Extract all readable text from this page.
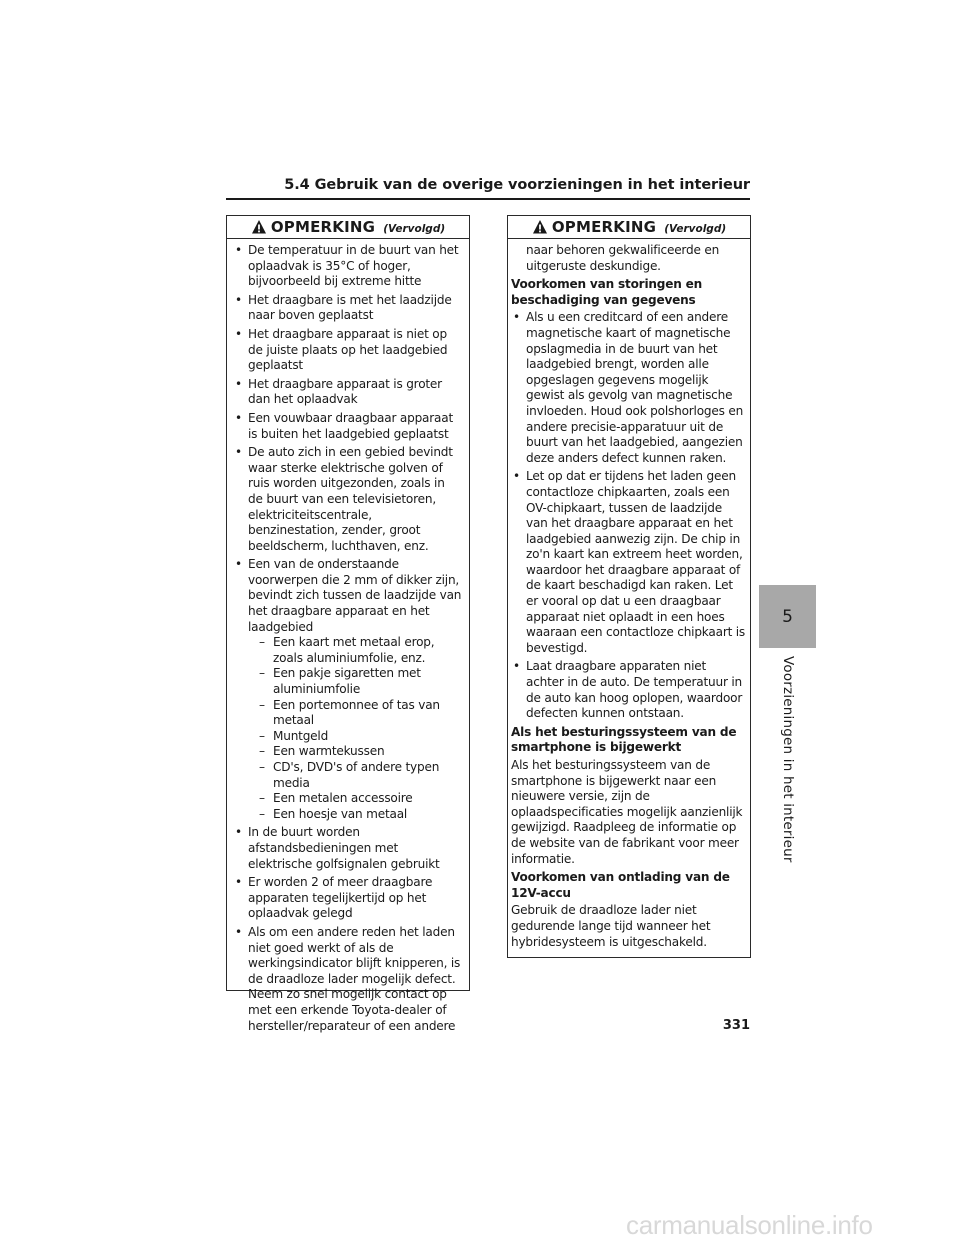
5.4 Gebruik van de overige voorzieningen in het interieur
OPMERKING (Vervolgd)
• De temperatuur in de buurt van het oplaadvak is 35°C of hoger, bijvoorbeeld bij extreme hitte
• Het draagbare is met het laadzijde naar boven geplaatst
• Het draagbare apparaat is niet op de juiste plaats op het laadgebied geplaatst
• Het draagbare apparaat is groter dan het oplaadvak
• Een vouwbaar draagbaar apparaat is buiten het laadgebied geplaatst
• De auto zich in een gebied bevindt waar sterke elektrische golven of ruis worden uitgezonden, zoals in de buurt van een televisietoren, elektriciteitscentrale, benzinestation, zender, groot beeldscherm, luchthaven, enz.
• Een van de onderstaande voorwerpen die 2 mm of dikker zijn, bevindt zich tussen de laadzijde van het draagbare apparaat en het laadgebied
– Een kaart met metaal erop, zoals aluminiumfolie, enz.
– Een pakje sigaretten met aluminiumfolie
– Een portemonnee of tas van metaal
– Muntgeld
– Een warmtekussen
– CD's, DVD's of andere typen media
– Een metalen accessoire
– Een hoesje van metaal
• In de buurt worden afstandsbedieningen met elektrische golfsignalen gebruikt
• Er worden 2 of meer draagbare apparaten tegelijkertijd op het oplaadvak gelegd
• Als om een andere reden het laden niet goed werkt of als de werkingsindicator blijft knipperen, is de draadloze lader mogelijk defect. Neem zo snel mogelijk contact op met een erkende Toyota-dealer of hersteller/reparateur of een andere
OPMERKING (Vervolgd)

naar behoren gekwalificeerde en uitgeruste deskundige.

Voorkomen van storingen en beschadiging van gegevens
• Als u een creditcard of een andere magnetische kaart of magnetische opslagmedia in de buurt van het laadgebied brengt, worden alle opgeslagen gegevens mogelijk gewist als gevolg van magnetische invloeden. Houd ook polshorloges en andere precisie-apparatuur uit de buurt van het laadgebied, aangezien deze anders defect kunnen raken.
• Let op dat er tijdens het laden geen contactloze chipkaarten, zoals een OV-chipkaart, tussen de laadzijde van het draagbare apparaat en het laadgebied aanwezig zijn. De chip in zo'n kaart kan extreem heet worden, waardoor het draagbare apparaat of de kaart beschadigd kan raken. Let er vooral op dat u een draagbaar apparaat niet oplaadt in een hoes waaraan een contactloze chipkaart is bevestigd.
• Laat draagbare apparaten niet achter in de auto. De temperatuur in de auto kan hoog oplopen, waardoor defecten kunnen ontstaan.
Als het besturingssysteem van de smartphone is bijgewerkt

Als het besturingssysteem van de smartphone is bijgewerkt naar een nieuwere versie, zijn de oplaadspecificaties mogelijk aanzienlijk gewijzigd. Raadpleeg de informatie op de website van de fabrikant voor meer informatie.

Voorkomen van ontlading van de 12V-accu

Gebruik de draadloze lader niet gedurende lange tijd wanneer het hybridesysteem is uitgeschakeld.

5
Voorzieningen in het interieur
331
carmanualsonline.info
